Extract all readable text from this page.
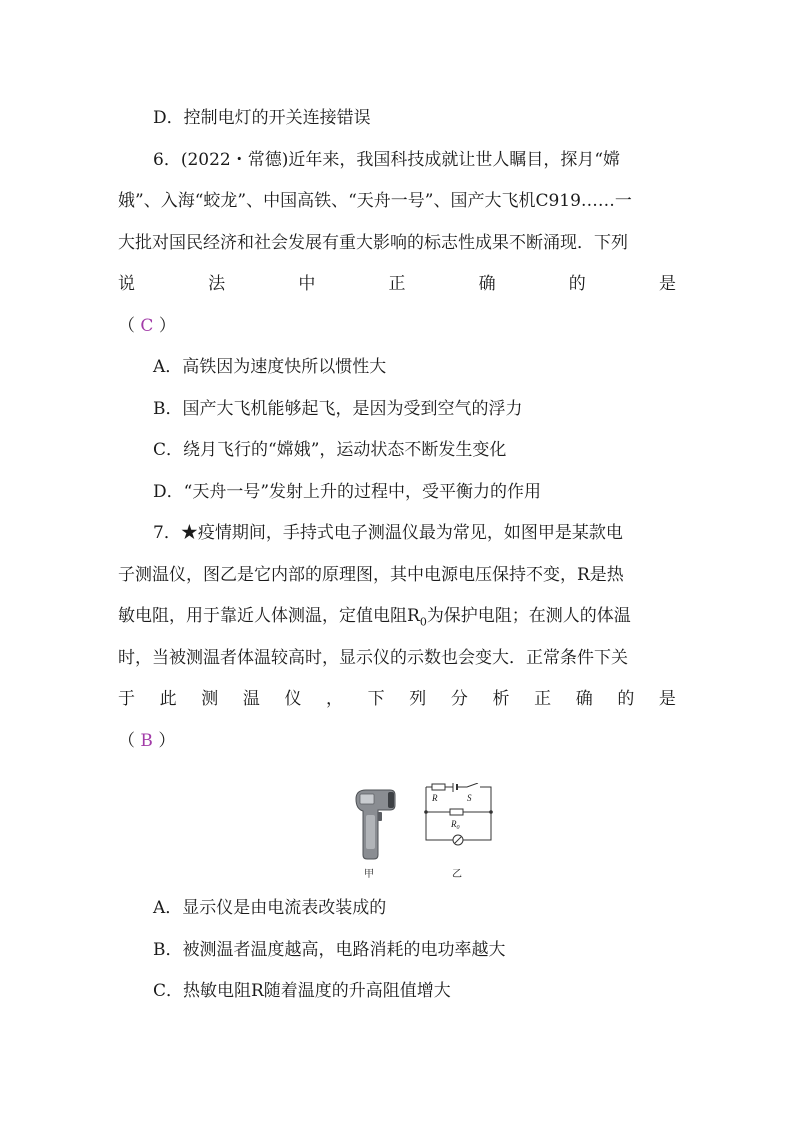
D．控制电灯的开关连接错误
6．(2022・常德)近年来，我国科技成就让世人瞩目，探月“嫦
娥”、入海“蛟龙”、中国高铁、“天舟一号”、国产大飞机C919……一
大批对国民经济和社会发展有重大影响的标志性成果不断涌现．下列
说	法	中	正	确	的	是
（ C ）
A．高铁因为速度快所以惯性大
B．国产大飞机能够起飞，是因为受到空气的浮力
C．绕月飞行的“嫦娥”，运动状态不断发生变化
D．“天舟一号”发射上升的过程中，受平衡力的作用
7．★疫情期间，手持式电子测温仪最为常见，如图甲是某款电
子测温仪，图乙是它内部的原理图，其中电源电压保持不变，R是热
敏电阻，用于靠近人体测温，定值电阻$R_0$为保护电阻；在测人的体温
时，当被测温者体温较高时，显示仪的示数也会变大．正常条件下关
于 此 测 温 仪 ， 下 列 分 析 正 确 的 是
（ B ）
R	S
$R_0$
甲	乙
A．显示仪是由电流表改装成的
B．被测温者温度越高，电路消耗的电功率越大
C．热敏电阻R随着温度的升高阻值增大
